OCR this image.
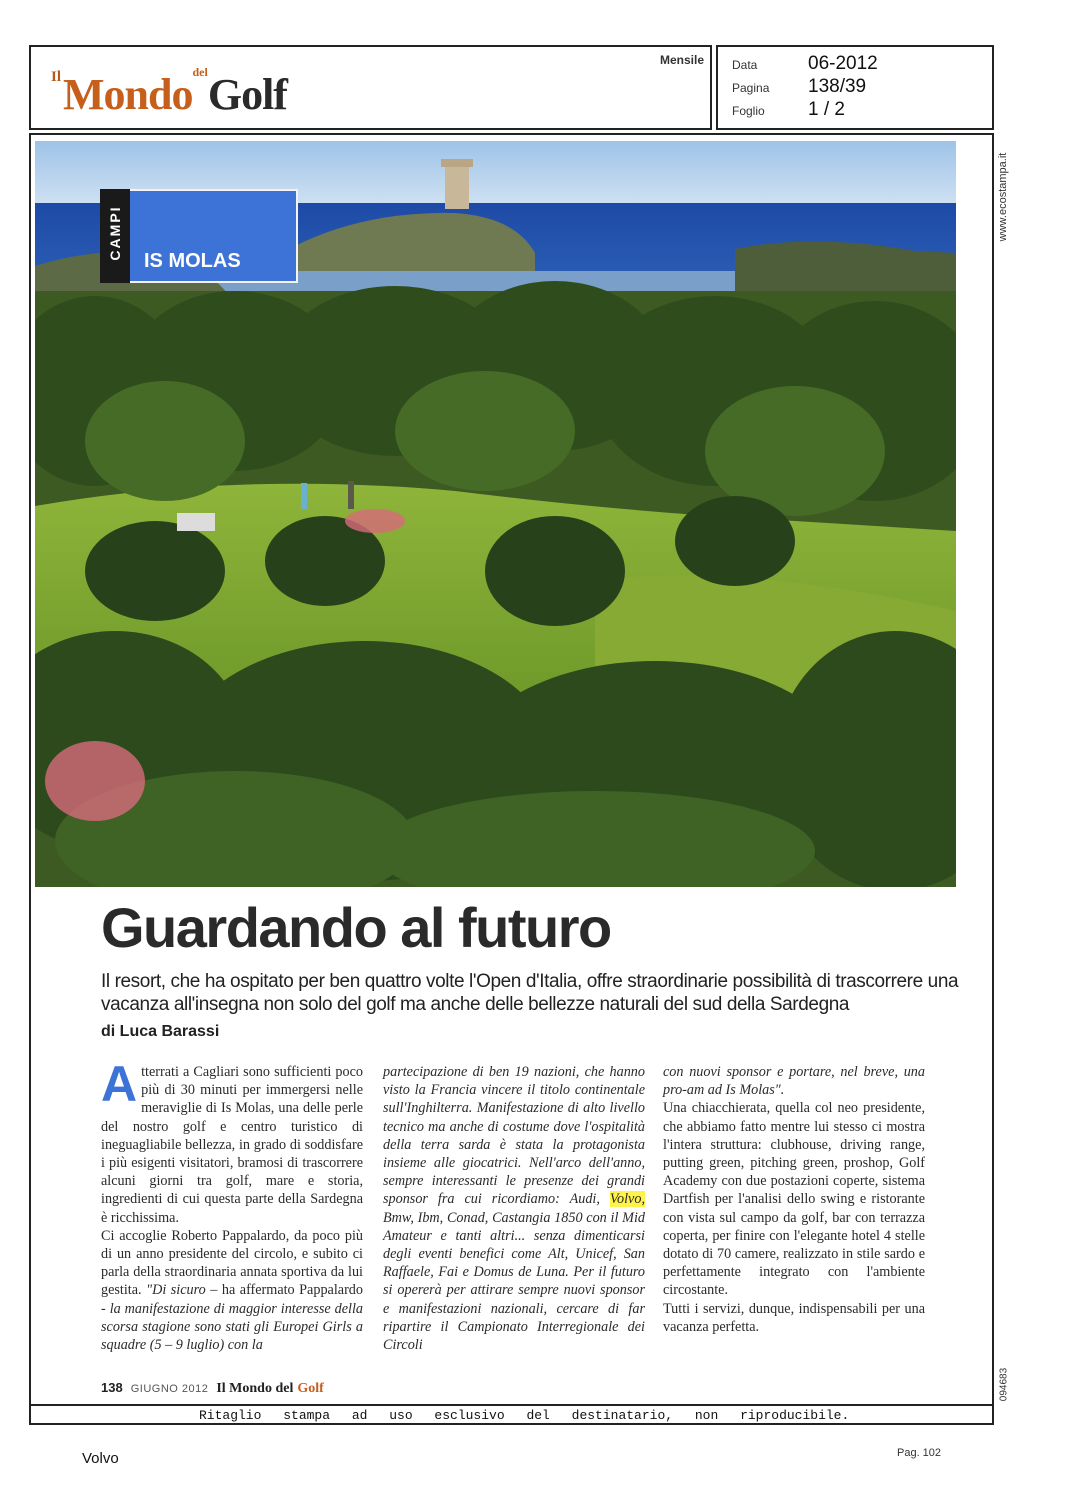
Il Mondo del Golf
Mensile Data	06-2012
Pagina	138/39
Foglio	1 / 2
CAMPI
IS MOLAS
Guardando al futuro

Il resort, che ha ospitato per ben quattro volte l'Open d'Italia, offre straordinarie possibilità di trascorrere una vacanza all'insegna non solo del golf ma anche delle bellezze naturali del sud della Sardegna

di Luca Barassi

Atterrati a Cagliari sono sufficienti poco più di 30 minuti per immergersi nelle meraviglie di Is Molas, una delle perle del nostro golf e centro turistico di ineguagliabile bellezza, in grado di soddisfare i più esigenti visitatori, bramosi di trascorrere alcuni giorni tra golf, mare e storia, ingredienti di cui questa parte della Sardegna è ricchissima.

Ci accoglie Roberto Pappalardo, da poco più di un anno presidente del circolo, e subito ci parla della straordinaria annata sportiva da lui gestita. "Di sicuro – ha affermato Pappalardo - la manifestazione di maggior interesse della scorsa stagione sono stati gli Europei Girls a squadre (5 – 9 luglio) con la

partecipazione di ben 19 nazioni, che hanno visto la Francia vincere il titolo continentale sull'Inghilterra. Manifestazione di alto livello tecnico ma anche di costume dove l'ospitalità della terra sarda è stata la protagonista insieme alle giocatrici. Nell'arco dell'anno, sempre interessanti le presenze dei grandi sponsor fra cui ricordiamo: Audi, Volvo, Bmw, Ibm, Conad, Castangia 1850 con il Mid Amateur e tanti altri... senza dimenticarsi degli eventi benefici come Alt, Unicef, San Raffaele, Fai e Domus de Luna. Per il futuro si opererà per attirare sempre nuovi sponsor e manifestazioni nazionali, cercare di far ripartire il Campionato Interregionale dei Circoli

con nuovi sponsor e portare, nel breve, una pro-am ad Is Molas".

Una chiacchierata, quella col neo presidente, che abbiamo fatto mentre lui stesso ci mostra l'intera struttura: clubhouse, driving range, putting green, pitching green, proshop, Golf Academy con due postazioni coperte, sistema Dartfish per l'analisi dello swing e ristorante con vista sul campo da golf, bar con terrazza coperta, per finire con l'elegante hotel 4 stelle dotato di 70 camere, realizzato in stile sardo e perfettamente integrato con l'ambiente circostante.

Tutti i servizi, dunque, indispensabili per una vacanza perfetta.

138 GIUGNO 2012 Il Mondo del Golf
Ritaglio stampa ad uso esclusivo del destinatario, non riproducibile.
www.ecostampa.it
094683
Volvo	Pag. 102
